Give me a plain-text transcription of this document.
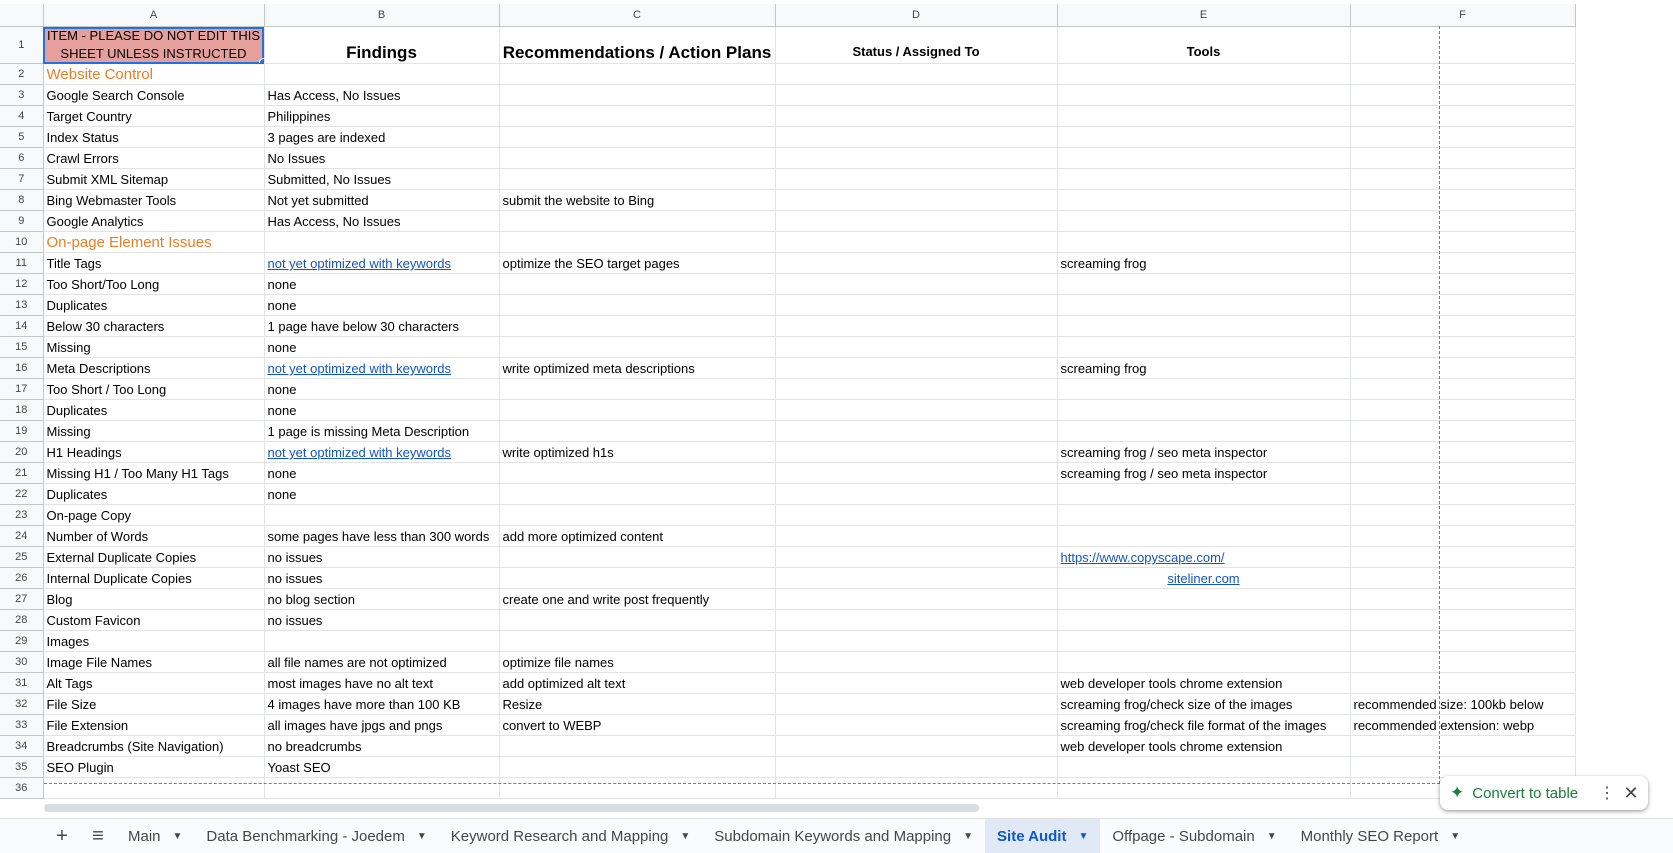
	A	B	C	D	E	F
1	ITEM - PLEASE DO NOT EDIT THIS SHEET UNLESS INSTRUCTED	Findings	Recommendations / Action Plans	Status / Assigned To	Tools	
2	Website Control					
3	Google Search Console	Has Access, No Issues				
4	Target Country	Philippines				
5	Index Status	3 pages are indexed				
6	Crawl Errors	No Issues				
7	Submit XML Sitemap	Submitted, No Issues				
8	Bing Webmaster Tools	Not yet submitted	submit the website to Bing			
9	Google Analytics	Has Access, No Issues				
10	On-page Element Issues					
11	Title Tags	not yet optimized with keywords	optimize the SEO target pages		screaming frog	
12	Too Short/Too Long	none				
13	Duplicates	none				
14	Below 30 characters	1 page have below 30 characters				
15	Missing	none				
16	Meta Descriptions	not yet optimized with keywords	write optimized meta descriptions		screaming frog	
17	Too Short / Too Long	none				
18	Duplicates	none				
19	Missing	1 page is missing Meta Description				
20	H1 Headings	not yet optimized with keywords	write optimized h1s		screaming frog / seo meta inspector	
21	Missing H1 / Too Many H1 Tags	none			screaming frog / seo meta inspector	
22	Duplicates	none				
23	On-page Copy					
24	Number of Words	some pages have less than 300 words	add more optimized content			
25	External Duplicate Copies	no issues			https://www.copyscape.com/	
26	Internal Duplicate Copies	no issues			siteliner.com	
27	Blog	no blog section	create one and write post frequently			
28	Custom Favicon	no issues				
29	Images					
30	Image File Names	all file names are not optimized	optimize file names			
31	Alt Tags	most images have no alt text	add optimized alt text		web developer tools chrome extension	
32	File Size	4 images have more than 100 KB	Resize		screaming frog/check size of the images	recommended size: 100kb below
33	File Extension	all images have jpgs and pngs	convert to WEBP		screaming frog/check file format of the images	recommended extension: webp
34	Breadcrumbs (Site Navigation)	no breadcrumbs			web developer tools chrome extension	
35	SEO Plugin	Yoast SEO				
36							✦ Convert to table ⋮ ✕
+	≡	Main ▼ Data Benchmarking - Joedem ▼ Keyword Research and Mapping ▼ Subdomain Keywords and Mapping ▼ Site Audit ▼ Offpage - Subdomain ▼ Monthly SEO Report ▼
